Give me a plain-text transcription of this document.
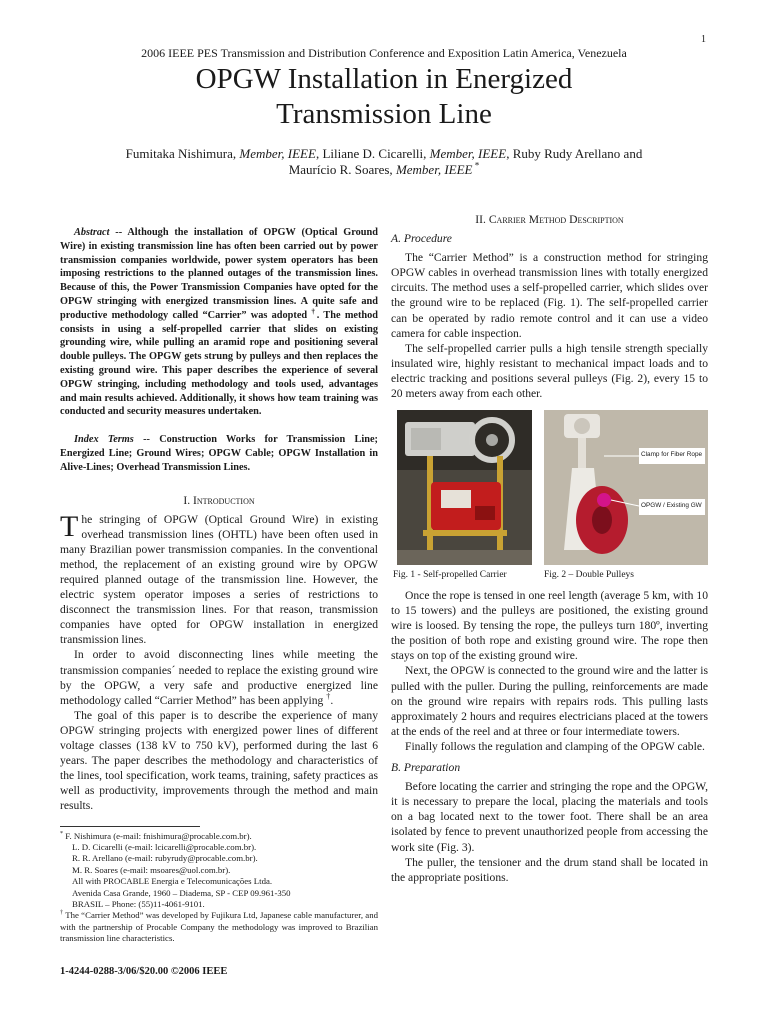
1
2006 IEEE PES Transmission and Distribution Conference and Exposition Latin America, Venezuela
OPGW Installation in Energized
Transmission Line
Fumitaka Nishimura, Member, IEEE, Liliane D. Cicarelli, Member, IEEE, Ruby Rudy Arellano and
Maurício R. Soares, Member, IEEE *

Abstract -- Although the installation of OPGW (Optical Ground Wire) in existing transmission line has often been carried out by power transmission companies worldwide, power system operators has been imposing restrictions to the planned outages of the transmission lines. Because of this, the Power Transmission Companies have opted for the OPGW stringing with energized transmission lines. A quite safe and productive methodology called “Carrier” was adopted †. The method consists in using a self-propelled carrier that slides on existing grounding wire, while pulling an aramid rope and positioning several double pulleys. The OPGW gets strung by pulleys and then replaces the existing ground wire. This paper describes the experience of several OPGW stringing, including methodology and tools used, advantages and main results achieved. Additionally, it shows how team training was conducted and security measures undertaken.

Index Terms -- Construction Works for Transmission Line; Energized Line; Ground Wires; OPGW Cable; OPGW Installation in Alive-Lines; Overhead Transmission Lines.

I. Introduction

The stringing of OPGW (Optical Ground Wire) in existing overhead transmission lines (OHTL) have been often used in many Brazilian power transmission companies. In the conventional method, the replacement of an existing ground wire by OPGW required planned outage of the transmission line. However, the electric system operator imposes a series of restrictions to disconnect the transmission lines. For that reason, transmission companies have opted for OPGW installation in energized transmission lines.

In order to avoid disconnecting lines while meeting the transmission companies´ needed to replace the existing ground wire by the OPGW, a very safe and productive energized line methodology called “Carrier Method” has been applying †.

The goal of this paper is to describe the experience of many OPGW stringing projects with energized power lines of different voltage classes (138 kV to 750 kV), performed during the last 6 years. The paper describes the methodology and characteristics of the lines, tool specification, work teams, training, safety practices as well as productivity, improvements through the method and main results.

* F. Nishimura (e-mail: fnishimura@procable.com.br).
L. D. Cicarelli (e-mail: lcicarelli@procable.com.br).
R. R. Arellano (e-mail: rubyrudy@procable.com.br).
M. R. Soares (e-mail: msoares@uol.com.br).
All with PROCABLE Energia e Telecomunicações Ltda.
Avenida Casa Grande, 1960 – Diadema, SP - CEP 09.961-350
BRASIL – Phone: (55)11-4061-9101.
† The “Carrier Method” was developed by Fujikura Ltd, Japanese cable manufacturer, and with the partnership of Procable Company the methodology was improved to Brazilian transmission line characteristics.
1-4244-0288-3/06/$20.00 ©2006 IEEE
II. Carrier Method Description
A. Procedure

The “Carrier Method” is a construction method for stringing OPGW cables in overhead transmission lines with totally energized circuits. The method uses a self-propelled carrier, which slides over the ground wire to be replaced (Fig. 1). The self-propelled carrier can be operated by radio remote control and it can use a video camera for cable inspection.

The self-propelled carrier pulls a high tensile strength specially insulated wire, highly resistant to mechanical impact loads and to electric tracking and positions several pulleys (Fig. 2), every 15 to 20 meters away from each other.

Clamp for Fiber Rope
OPGW / Existing GW
Fig. 1 - Self-propelled Carrier	Fig. 2 – Double Pulleys

Once the rope is tensed in one reel length (average 5 km, with 10 to 15 towers) and the pulleys are positioned, the existing ground wire is loosed. By tensing the rope, the pulleys turn 180º, inverting the position of both rope and existing ground wire. The rope then stays on top of the existing ground wire.

Next, the OPGW is connected to the ground wire and the latter is pulled with the puller. During the pulling, reinforcements are made on the ground wire repairs with repairs rods. This pulling lasts approximately 2 hours and requires electricians placed at the towers at the ends of the reel and at three or four intermediate towers.

Finally follows the regulation and clamping of the OPGW cable.

B. Preparation

Before locating the carrier and stringing the rope and the OPGW, it is necessary to prepare the local, placing the materials and tools on a bag located next to the tower foot. There shall be an area isolated by fence to prevent unauthorized people from accessing the work site (Fig. 3).

The puller, the tensioner and the drum stand shall be located in the appropriate positions.
